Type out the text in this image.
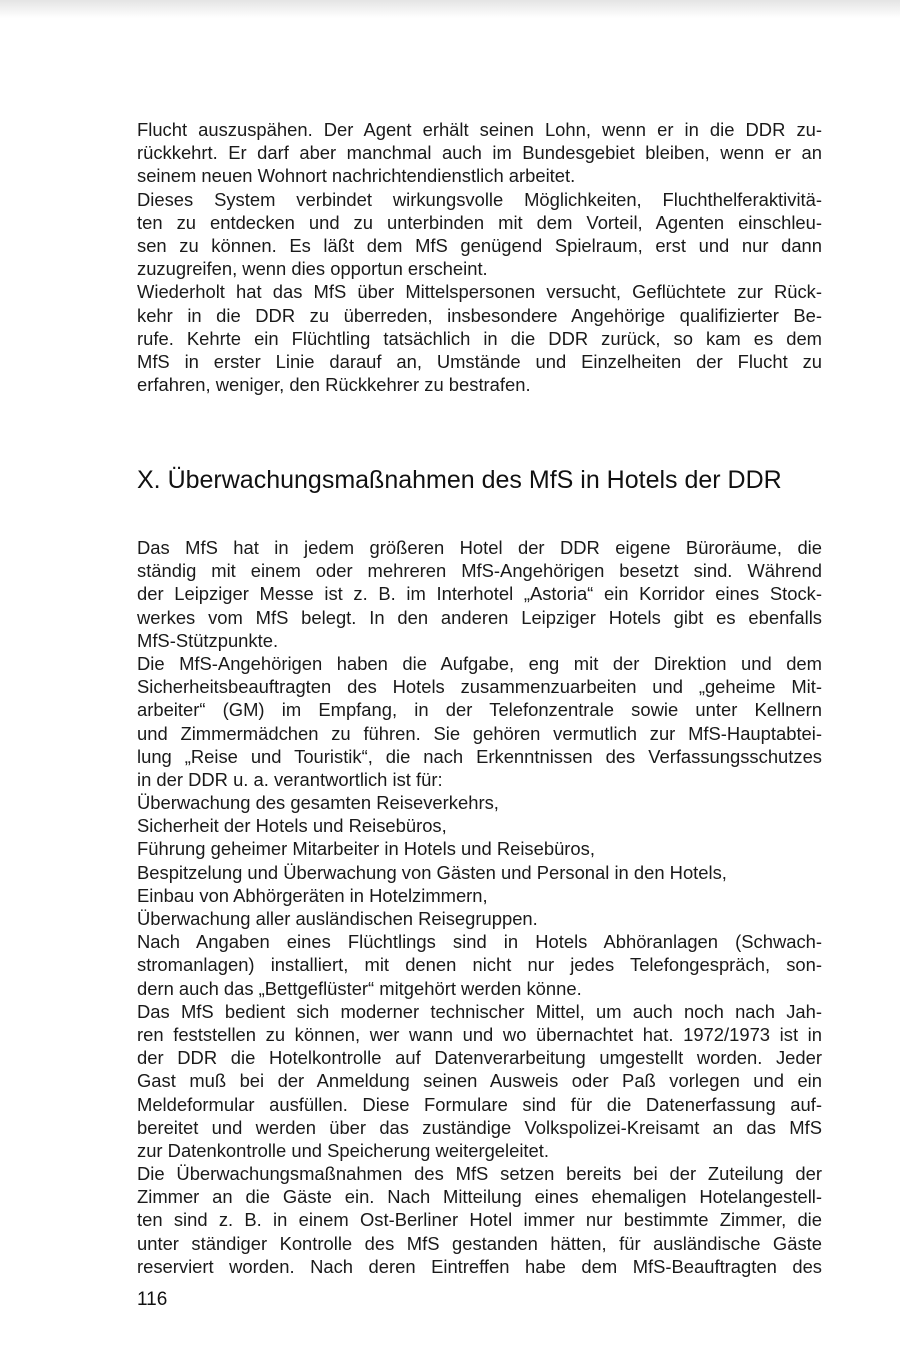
Flucht auszuspähen. Der Agent erhält seinen Lohn, wenn er in die DDR zu-
rückkehrt. Er darf aber manchmal auch im Bundesgebiet bleiben, wenn er an
seinem neuen Wohnort nachrichtendienstlich arbeitet.
Dieses System verbindet wirkungsvolle Möglichkeiten, Fluchthelferaktivitä-
ten zu entdecken und zu unterbinden mit dem Vorteil, Agenten einschleu-
sen zu können. Es läßt dem MfS genügend Spielraum, erst und nur dann
zuzugreifen, wenn dies opportun erscheint.
Wiederholt hat das MfS über Mittelspersonen versucht, Geflüchtete zur Rück-
kehr in die DDR zu überreden, insbesondere Angehörige qualifizierter Be-
rufe. Kehrte ein Flüchtling tatsächlich in die DDR zurück, so kam es dem
MfS in erster Linie darauf an, Umstände und Einzelheiten der Flucht zu
erfahren, weniger, den Rückkehrer zu bestrafen.
X. Überwachungsmaßnahmen des MfS in Hotels der DDR
Das MfS hat in jedem größeren Hotel der DDR eigene Büroräume, die
ständig mit einem oder mehreren MfS-Angehörigen besetzt sind. Während
der Leipziger Messe ist z. B. im Interhotel „Astoria“ ein Korridor eines Stock-
werkes vom MfS belegt. In den anderen Leipziger Hotels gibt es ebenfalls
MfS-Stützpunkte.
Die MfS-Angehörigen haben die Aufgabe, eng mit der Direktion und dem
Sicherheitsbeauftragten des Hotels zusammenzuarbeiten und „geheime Mit-
arbeiter“ (GM) im Empfang, in der Telefonzentrale sowie unter Kellnern
und Zimmermädchen zu führen. Sie gehören vermutlich zur MfS-Hauptabtei-
lung „Reise und Touristik“, die nach Erkenntnissen des Verfassungsschutzes
in der DDR u. a. verantwortlich ist für:
Überwachung des gesamten Reiseverkehrs,
Sicherheit der Hotels und Reisebüros,
Führung geheimer Mitarbeiter in Hotels und Reisebüros,
Bespitzelung und Überwachung von Gästen und Personal in den Hotels,
Einbau von Abhörgeräten in Hotelzimmern,
Überwachung aller ausländischen Reisegruppen.
Nach Angaben eines Flüchtlings sind in Hotels Abhöranlagen (Schwach-
stromanlagen) installiert, mit denen nicht nur jedes Telefongespräch, son-
dern auch das „Bettgeflüster“ mitgehört werden könne.
Das MfS bedient sich moderner technischer Mittel, um auch noch nach Jah-
ren feststellen zu können, wer wann und wo übernachtet hat. 1972/1973 ist in
der DDR die Hotelkontrolle auf Datenverarbeitung umgestellt worden. Jeder
Gast muß bei der Anmeldung seinen Ausweis oder Paß vorlegen und ein
Meldeformular ausfüllen. Diese Formulare sind für die Datenerfassung auf-
bereitet und werden über das zuständige Volkspolizei-Kreisamt an das MfS
zur Datenkontrolle und Speicherung weitergeleitet.
Die Überwachungsmaßnahmen des MfS setzen bereits bei der Zuteilung der
Zimmer an die Gäste ein. Nach Mitteilung eines ehemaligen Hotelangestell-
ten sind z. B. in einem Ost-Berliner Hotel immer nur bestimmte Zimmer, die
unter ständiger Kontrolle des MfS gestanden hätten, für ausländische Gäste
reserviert worden. Nach deren Eintreffen habe dem MfS-Beauftragten des
116
